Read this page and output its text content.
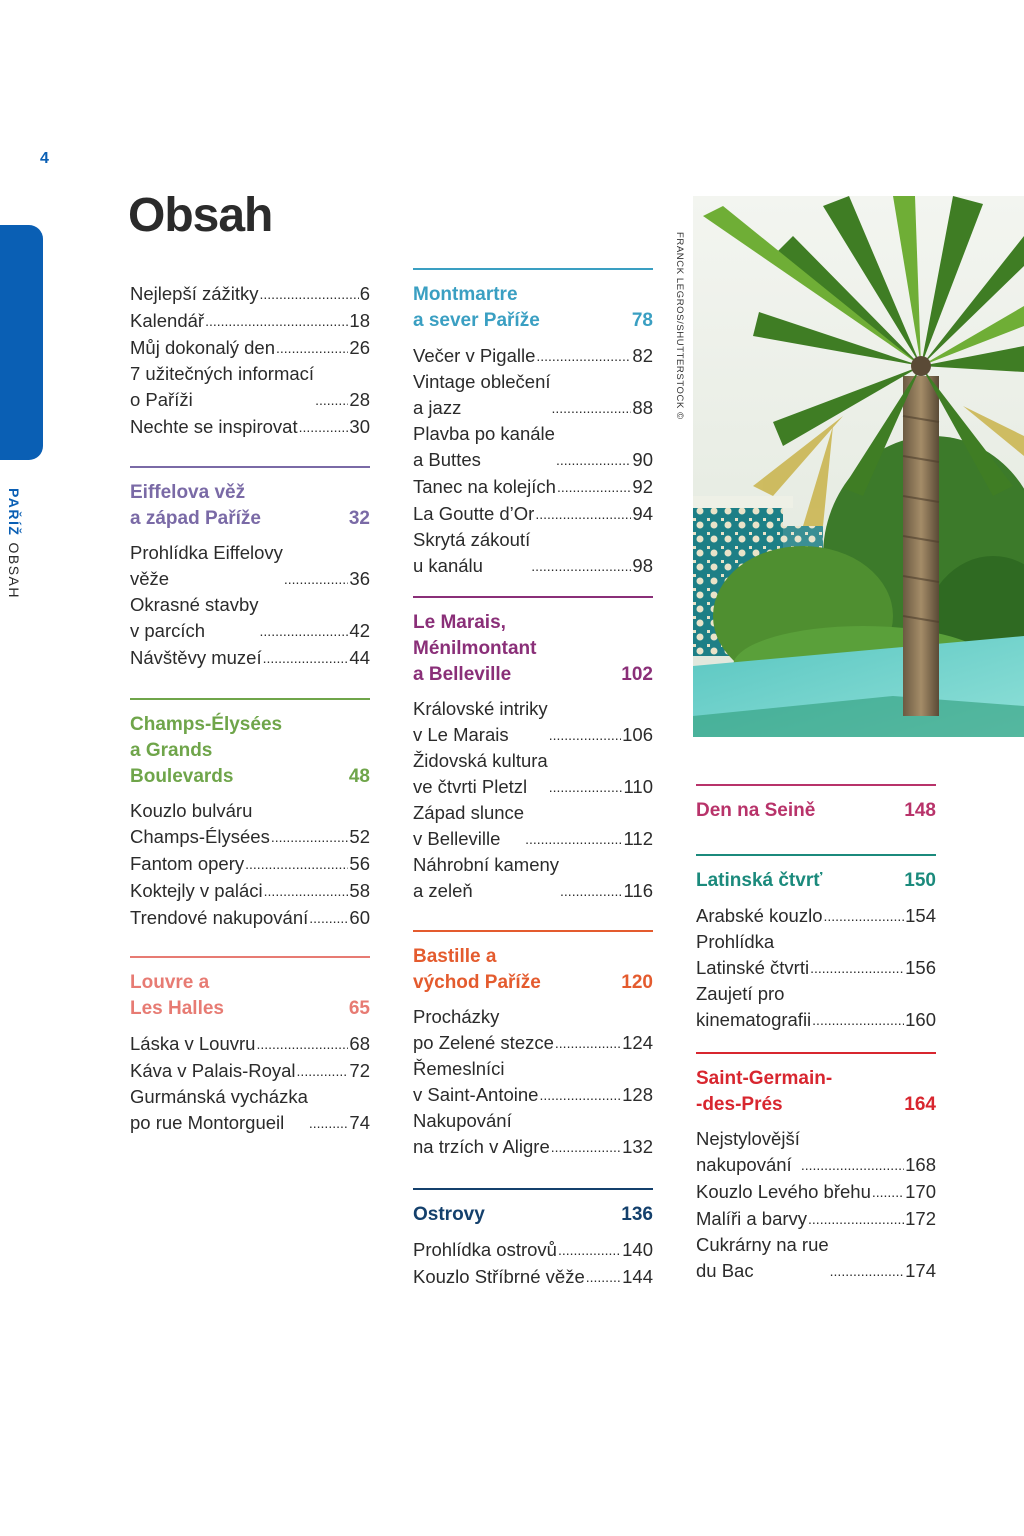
4
PAŘÍŽOBSAH
Obsah
Nejlepší zážitky .....	6
Kalendář .....	18
Můj dokonalý den .....	26
7 užitečných informací
o Paříži .....	28
Nechte se inspirovat .....	30
Eiffelova věž
a západ Paříže	32
Prohlídka Eiffelovy
věže .....	36
Okrasné stavby
v parcích .....	42
Návštěvy muzeí .....	44
Champs-Élysées
a Grands
Boulevards	48
Kouzlo bulváru
Champs-Élysées .....	52
Fantom opery .....	56
Koktejly v paláci .....	58
Trendové nakupování ..... 60
Louvre a
Les Halles	65
Láska v Louvru .....	68
Káva v Palais-Royal .....	72
Gurmánská vycházka
po rue Montorgueil .....	74
Montmartre
a sever Paříže	78
Večer v Pigalle .....	82
Vintage oblečení
a jazz .....	88
Plavba po kanále
a Buttes .....	90
Tanec na kolejích .....	92
La Goutte d’Or .....	94
Skrytá zákoutí
u kanálu .....	98
Le Marais,
Ménilmontant
a Belleville	102
Královské intriky
v Le Marais .....	106
Židovská kultura
ve čtvrti Pletzl .....	110
Západ slunce
v Belleville .....	112
Náhrobní kameny
a zeleň .....	116
Bastille a
východ Paříže	120
Procházky
po Zelené stezce .....	124
Řemeslníci
v Saint-Antoine .....	128
Nakupování
na trzích v Aligre .....	132
Ostrovy	136
Prohlídka ostrovů .....	140
Kouzlo Stříbrné věže ..... 144
Den na Seině	148
Latinská čtvrť	150
Arabské kouzlo .....	154
Prohlídka
Latinské čtvrti .....	156
Zaujetí pro
kinematografii .....	160
Saint-Germain-
-des-Prés	164
Nejstylovější
nakupování .....	168
Kouzlo Levého břehu ..... 170
Malíři a barvy .....	172
Cukrárny na rue
du Bac .....	174
FRANCK LEGROS/SHUTTERSTOCK ©
